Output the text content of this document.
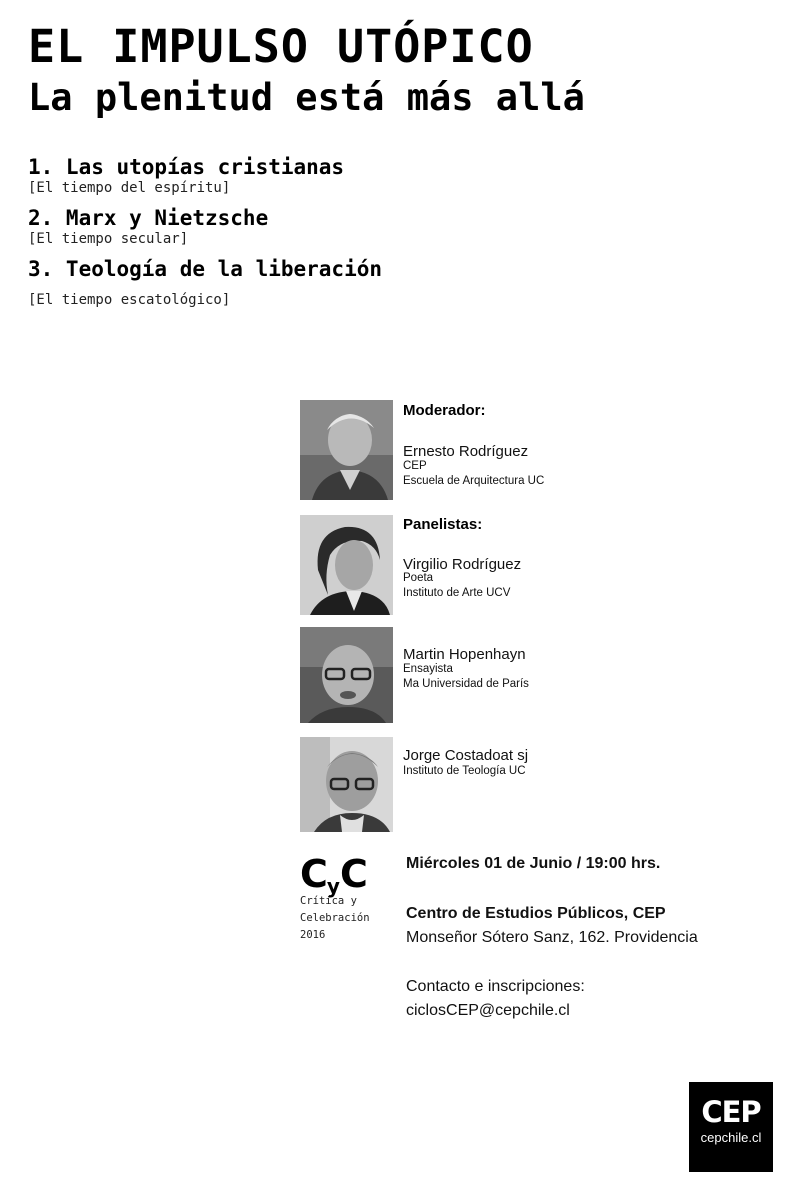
EL IMPULSO UTÓPICO
La plenitud está más allá
1. Las utopías cristianas
[El tiempo del espíritu]
2. Marx y Nietzsche
[El tiempo secular]
3. Teología de la liberación
[El tiempo escatológico]
Moderador:
Ernesto Rodríguez
CEP
Escuela de Arquitectura UC
Panelistas:
Virgilio Rodríguez
Poeta
Instituto de Arte UCV
Martin Hopenhayn
Ensayista
Ma Universidad de París
Jorge Costadoat sj
Instituto de Teología UC
CyC
Crítica y
Celebración
2016
Miércoles 01 de Junio / 19:00 hrs.
Centro de Estudios Públicos, CEP
Monseñor Sótero Sanz, 162. Providencia
Contacto e inscripciones:
ciclosCEP@cepchile.cl
CEP
cepchile.cl
